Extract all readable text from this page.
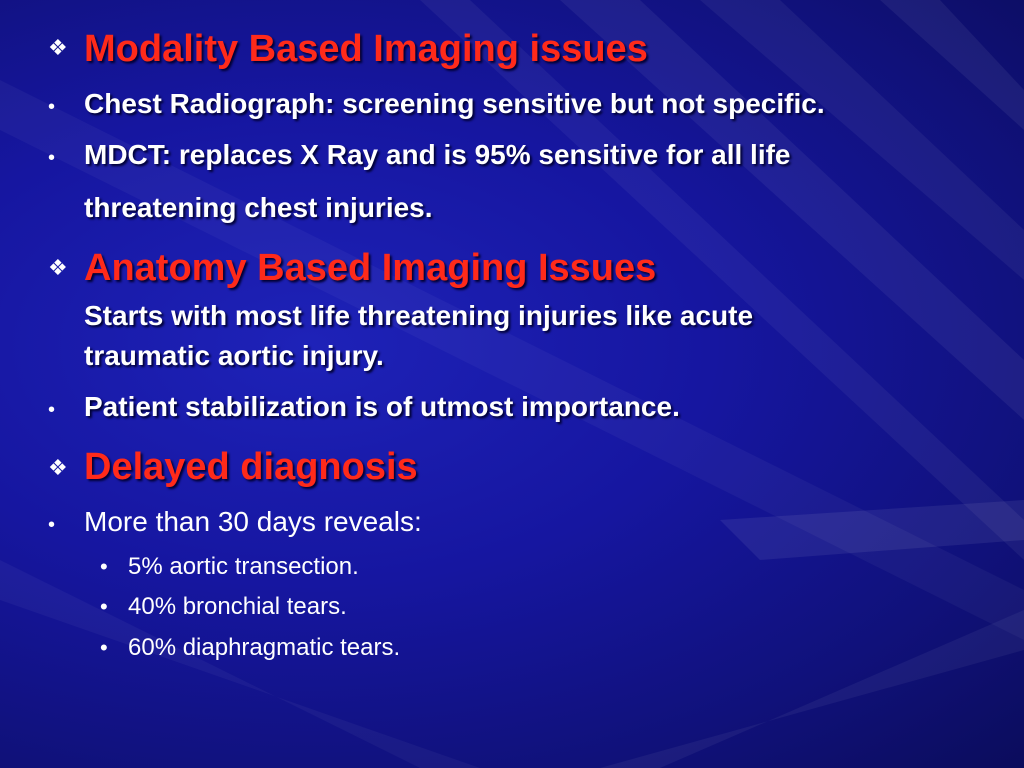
❖ Modality Based Imaging issues
• Chest Radiograph: screening sensitive but not specific.
• MDCT: replaces X Ray and is 95% sensitive for all life
threatening chest injuries.
❖ Anatomy Based Imaging Issues
Starts with most life threatening injuries like acute
traumatic aortic injury.
• Patient stabilization is of utmost importance.
❖ Delayed diagnosis
• More than 30 days reveals:
• 5% aortic transection.
• 40% bronchial tears.
• 60% diaphragmatic tears.
